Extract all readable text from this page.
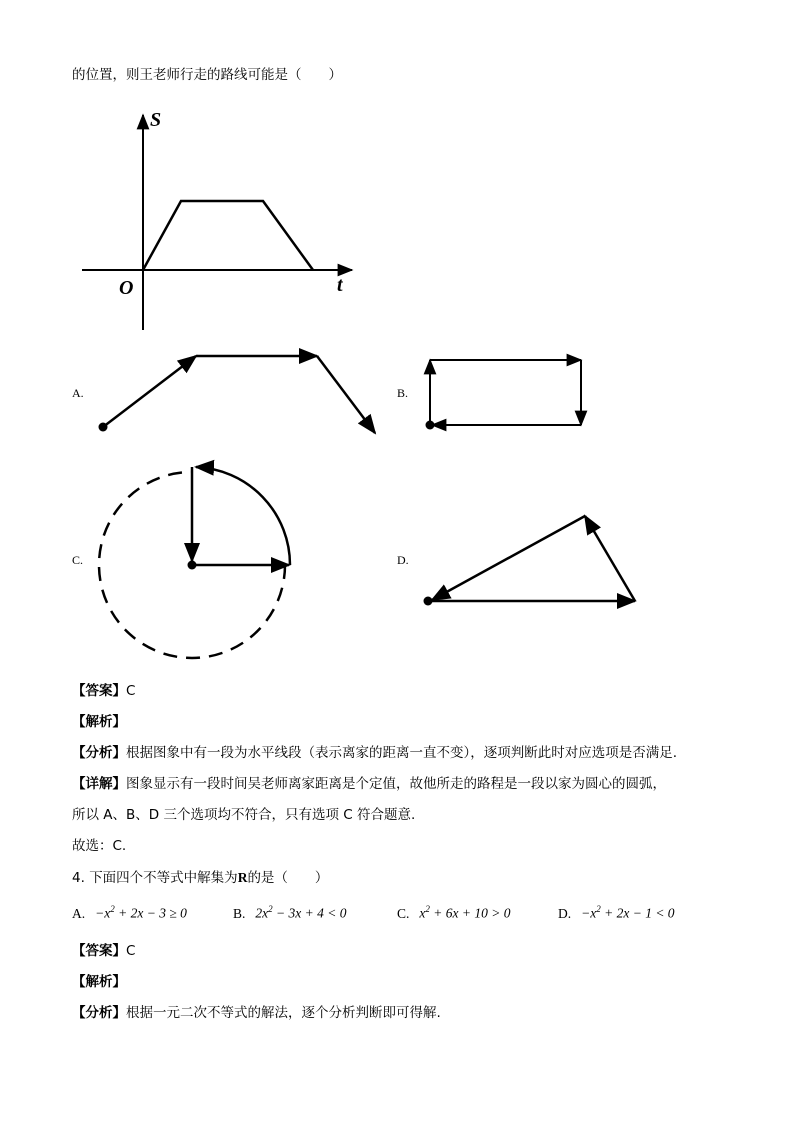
的位置，则王老师行走的路线可能是（　　）
S
t
O
A.	B.
C.	D.
【答案】C
【解析】
【分析】根据图象中有一段为水平线段（表示离家的距离一直不变），逐项判断此时对应选项是否满足.
【详解】图象显示有一段时间吴老师离家距离是个定值，故他所走的路程是一段以家为圆心的圆弧，
所以 A、B、D 三个选项均不符合，只有选项 C 符合题意.
故选：C.
4. 下面四个不等式中解集为R的是（　　）
A. $-x^2 + 2x - 3 \ge 0$	B. $2x^2 - 3x + 4 < 0$	C. $x^2 + 6x + 10 > 0$	D. $-x^2 + 2x - 1 < 0$
【答案】C
【解析】
【分析】根据一元二次不等式的解法，逐个分析判断即可得解.
